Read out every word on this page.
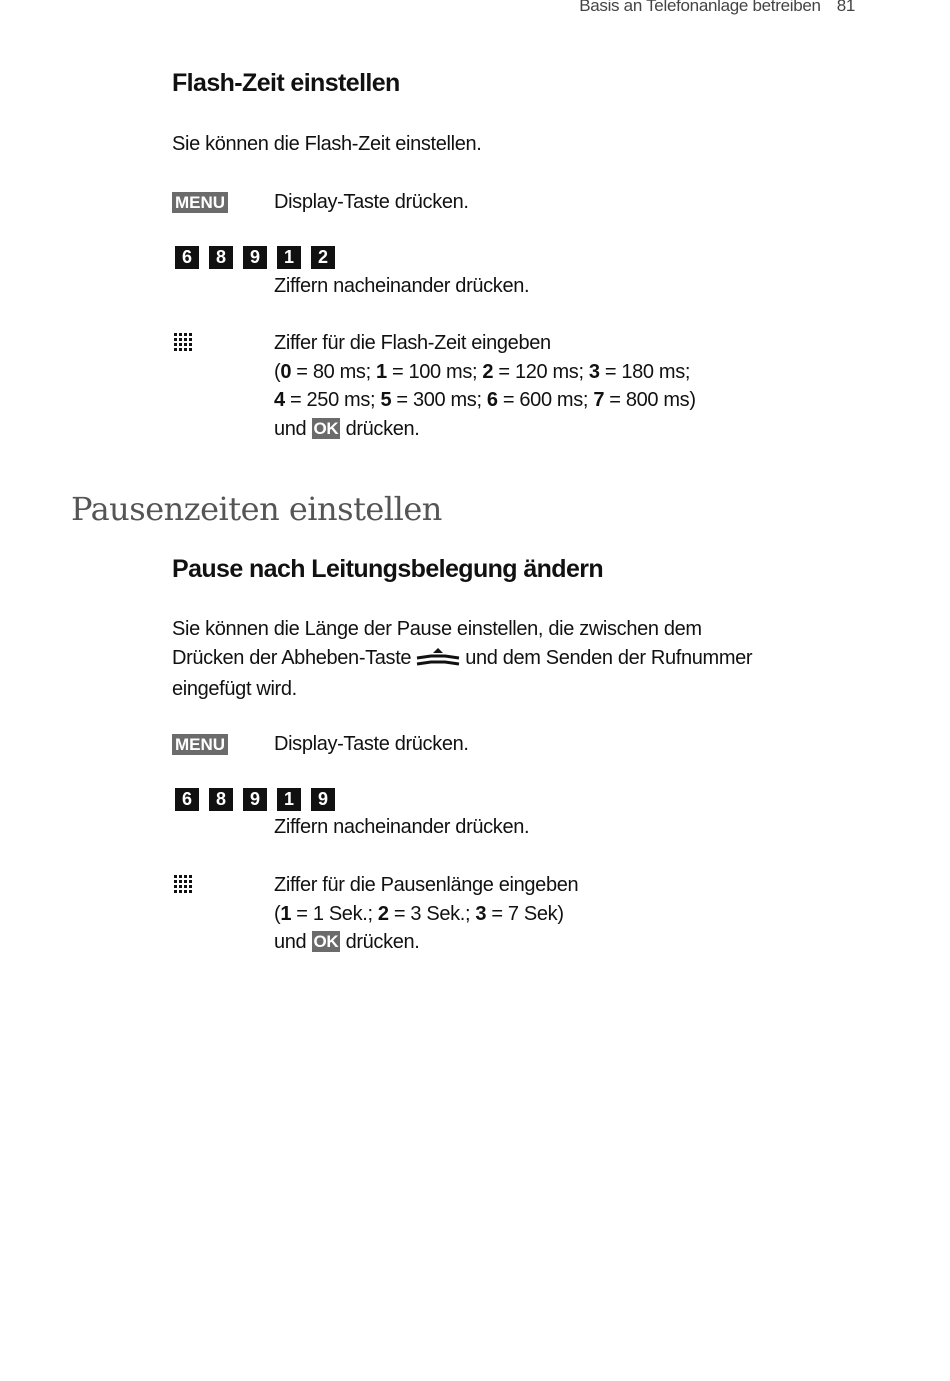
Basis an Telefonanlage betreiben 81
Flash-Zeit einstellen
Sie können die Flash-Zeit einstellen.
MENU Display-Taste drücken.
6	8	9	1	2
Ziffern nacheinander drücken.
Ziffer für die Flash-Zeit eingeben
(0 = 80 ms; 1 = 100 ms; 2 = 120 ms; 3 = 180 ms;
4 = 250 ms; 5 = 300 ms; 6 = 600 ms; 7 = 800 ms)
und OK drücken.
Pausenzeiten einstellen
Pause nach Leitungsbelegung ändern
Sie können die Länge der Pause einstellen, die zwischen dem
Drücken der Abheben-Taste	und dem Senden der Rufnummer
eingefügt wird.
MENU Display-Taste drücken.
6	8	9	1	9
Ziffern nacheinander drücken.
Ziffer für die Pausenlänge eingeben
(1 = 1 Sek.; 2 = 3 Sek.; 3 = 7 Sek)
und OK drücken.
